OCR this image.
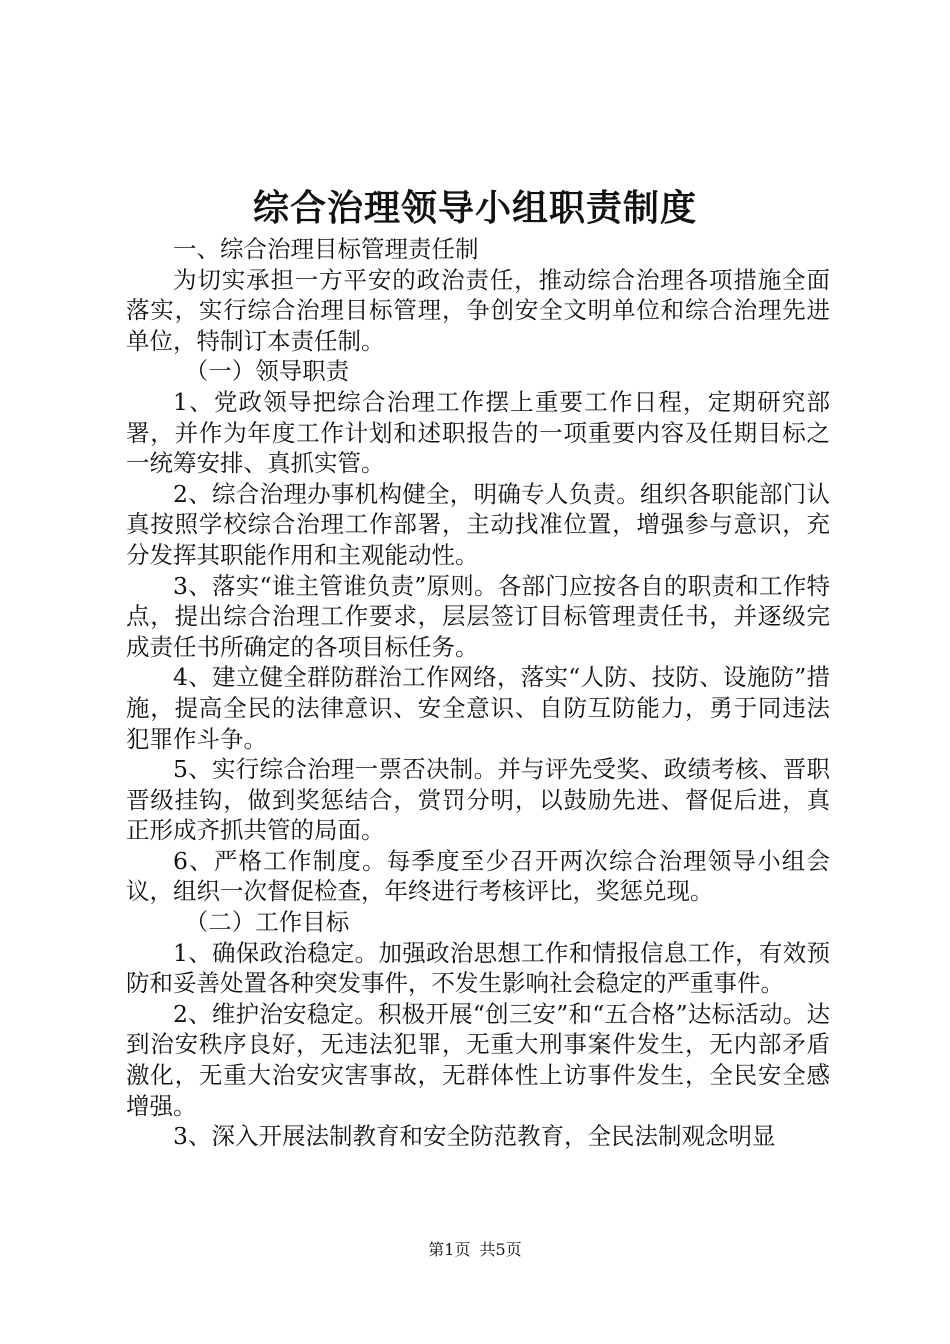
综合治理领导小组职责制度

一、综合治理目标管理责任制

为切实承担一方平安的政治责任，推动综合治理各项措施全面落实，实行综合治理目标管理，争创安全文明单位和综合治理先进单位，特制订本责任制。

（一）领导职责

1、党政领导把综合治理工作摆上重要工作日程，定期研究部署，并作为年度工作计划和述职报告的一项重要内容及任期目标之一统筹安排、真抓实管。

2、综合治理办事机构健全，明确专人负责。组织各职能部门认真按照学校综合治理工作部署，主动找准位置，增强参与意识，充分发挥其职能作用和主观能动性。

3、落实“谁主管谁负责”原则。各部门应按各自的职责和工作特点，提出综合治理工作要求，层层签订目标管理责任书，并逐级完成责任书所确定的各项目标任务。

4、建立健全群防群治工作网络，落实“人防、技防、设施防”措施，提高全民的法律意识、安全意识、自防互防能力，勇于同违法犯罪作斗争。

5、实行综合治理一票否决制。并与评先受奖、政绩考核、晋职晋级挂钩，做到奖惩结合，赏罚分明，以鼓励先进、督促后进，真正形成齐抓共管的局面。

6、严格工作制度。每季度至少召开两次综合治理领导小组会议，组织一次督促检查，年终进行考核评比，奖惩兑现。

（二）工作目标

1、确保政治稳定。加强政治思想工作和情报信息工作，有效预防和妥善处置各种突发事件，不发生影响社会稳定的严重事件。

2、维护治安稳定。积极开展“创三安”和“五合格”达标活动。达到治安秩序良好，无违法犯罪，无重大刑事案件发生，无内部矛盾激化，无重大治安灾害事故，无群体性上访事件发生，全民安全感增强。

3、深入开展法制教育和安全防范教育，全民法制观念明显

第1页 共5页
